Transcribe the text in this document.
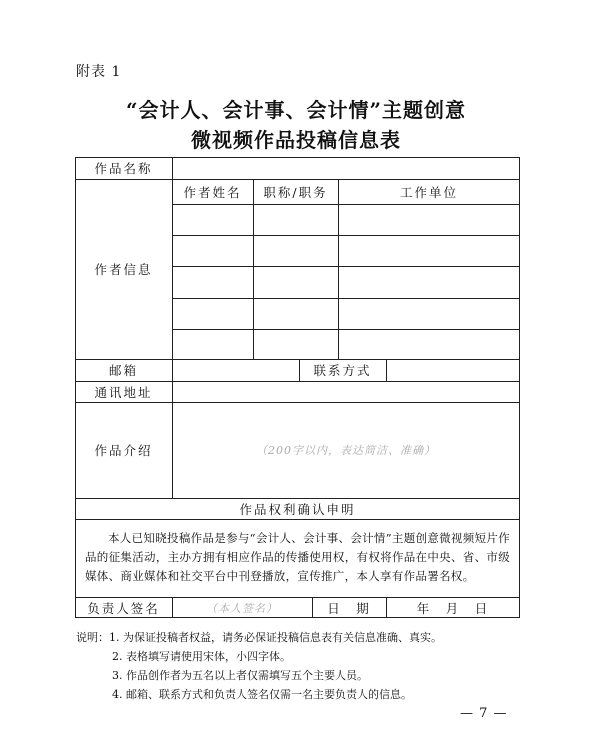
附表 1
“会计人、会计事、会计情”主题创意
微视频作品投稿信息表
作品名称
作者信息
作者姓名	职称/职务	工作单位
邮箱	联系方式
通讯地址
作品介绍	（200字以内，表达简洁、准确）
作品权利确认申明
本人已知晓投稿作品是参与“会计人、会计事、会计情”主题创意微视频短片作品的征集活动，主办方拥有相应作品的传播使用权，有权将作品在中央、省、市级媒体、商业媒体和社交平台中刊登播放，宣传推广，本人享有作品署名权。
负责人签名	（本人签名）	日　期	年　月　日
说明：1. 为保证投稿者权益，请务必保证投稿信息表有关信息准确、真实。
2. 表格填写请使用宋体，小四字体。
3. 作品创作者为五名以上者仅需填写五个主要人员。
4. 邮箱、联系方式和负责人签名仅需一名主要负责人的信息。
— 7 —
